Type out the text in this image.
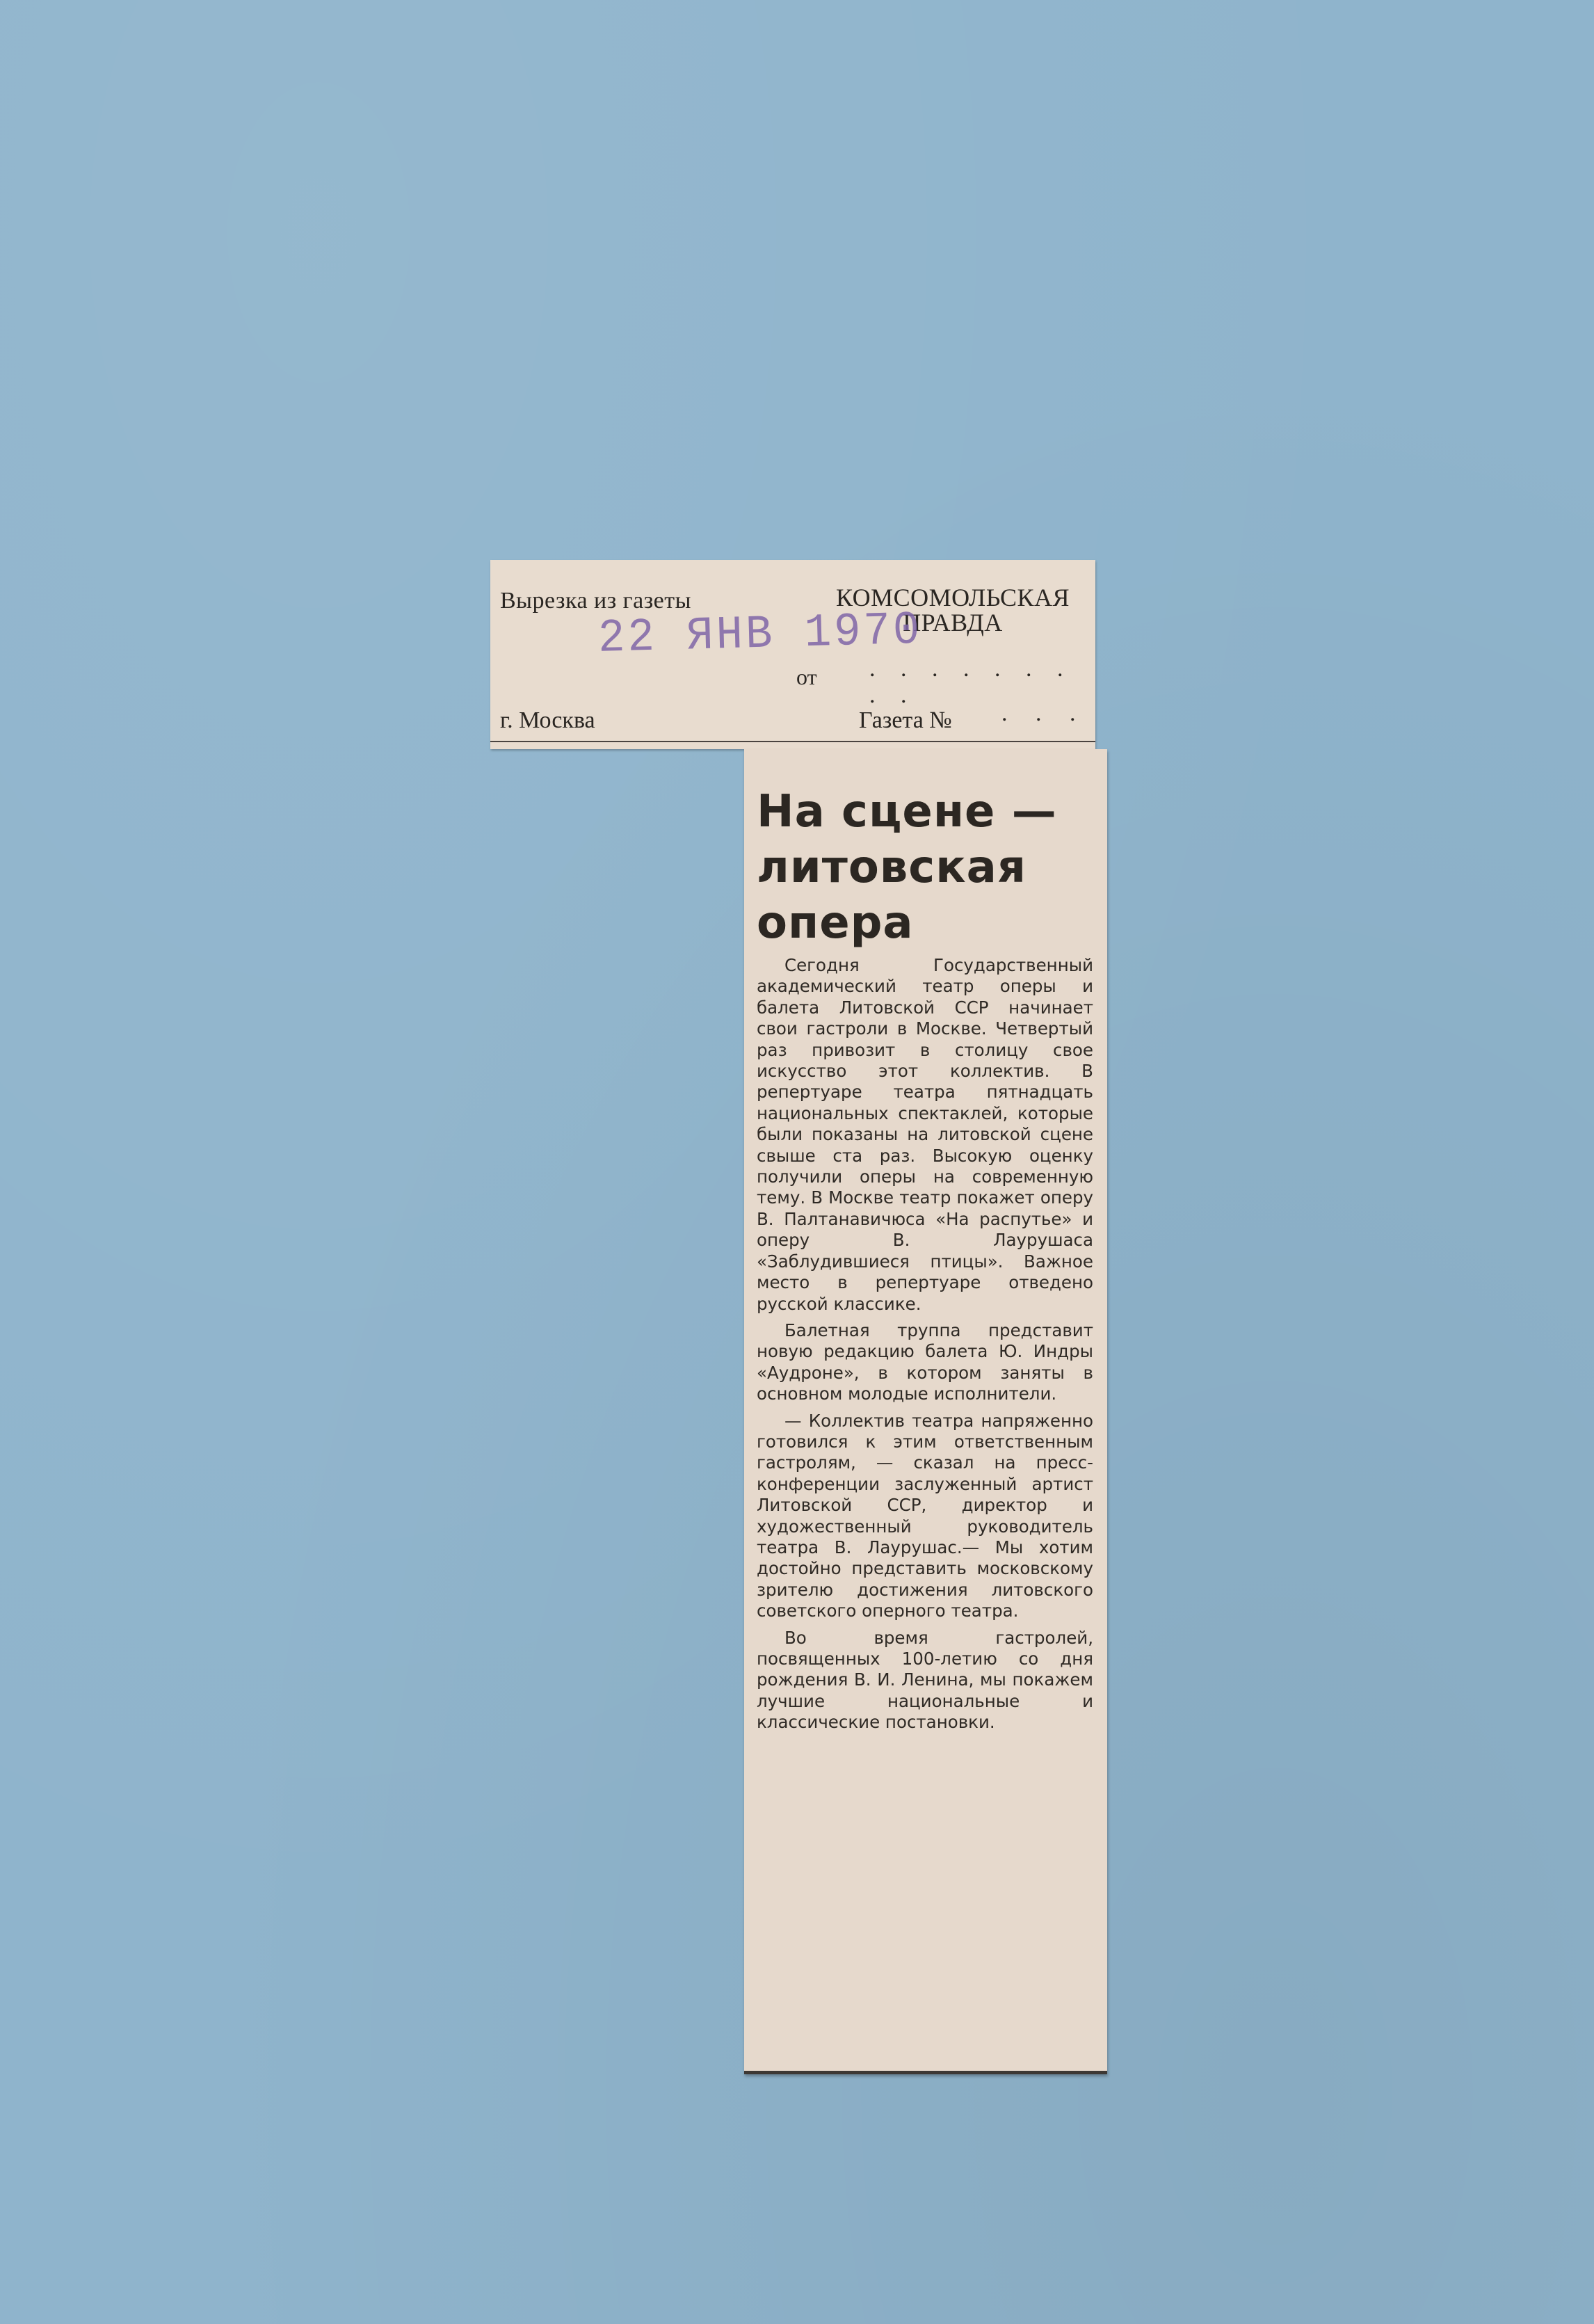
Вырезка из газеты	КОМСОМОЛЬСКАЯ ПРАВДА
22 ЯНВ 1970
от . . . . . . . . .
г. Москва	Газета № . . .
На сцене — литовская опера

Сегодня Государственный академический театр оперы и балета Литовской ССР начинает свои гастроли в Москве. Четвертый раз привозит в столицу свое искусство этот коллектив. В репертуаре театра пятнадцать национальных спектаклей, которые были показаны на литовской сцене свыше ста раз. Высокую оценку получили оперы на современную тему. В Москве театр покажет оперу В. Палтанавичюса «На распутье» и оперу В. Лаурушаса «Заблудившиеся птицы». Важное место в репертуаре отведено русской классике.

Балетная труппа представит новую редакцию балета Ю. Индры «Аудроне», в котором заняты в основном молодые исполнители.

— Коллектив театра напряженно готовился к этим ответственным гастролям, — сказал на пресс-конференции заслуженный артист Литовской ССР, директор и художественный руководитель театра В. Лаурушас.— Мы хотим достойно представить московскому зрителю достижения литовского советского оперного театра.

Во время гастролей, посвященных 100-летию со дня рождения В. И. Ленина, мы покажем лучшие национальные и классические постановки.
